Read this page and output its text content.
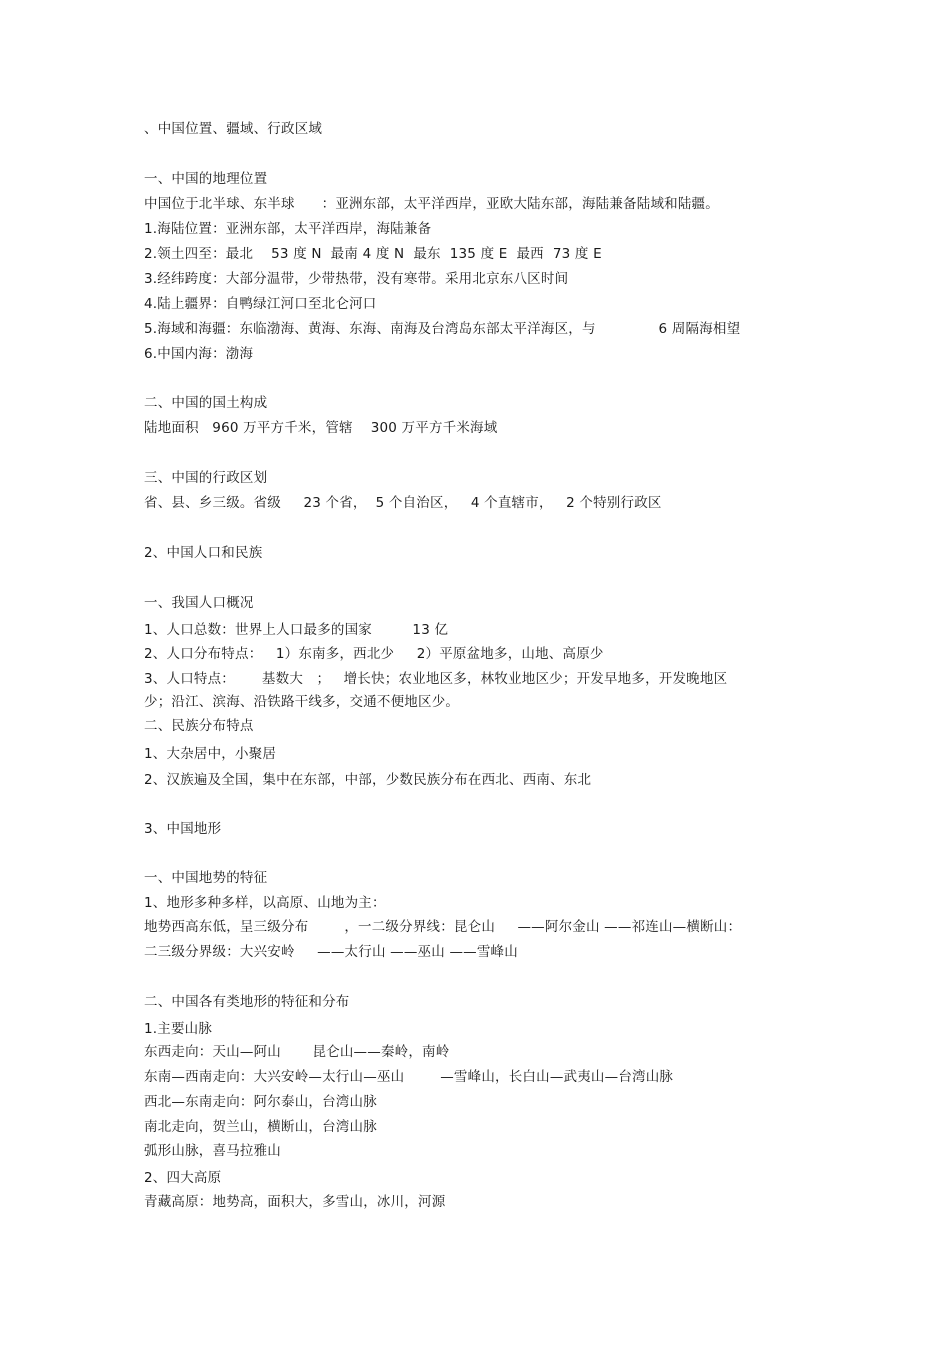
、中国位置、疆域、行政区域
一、中国的地理位置
中国位于北半球、东半球      ：亚洲东部，太平洋西岸，亚欧大陆东部，海陆兼备陆域和陆疆。
1.海陆位置：亚洲东部，太平洋西岸，海陆兼备
2.领土四至：最北    53 度 N  最南 4 度 N  最东  135 度 E  最西  73 度 E
3.经纬跨度：大部分温带，少带热带，没有寒带。采用北京东八区时间
4.陆上疆界：自鸭绿江河口至北仑河口
5.海域和海疆：东临渤海、黄海、东海、南海及台湾岛东部太平洋海区，与              6 周隔海相望
6.中国内海：渤海
二、中国的国土构成
陆地面积   960 万平方千米，管辖    300 万平方千米海域
三、中国的行政区划
省、县、乡三级。省级     23 个省，  5 个自治区，   4 个直辖市，   2 个特别行政区
2、中国人口和民族
一、我国人口概况
1、人口总数：世界上人口最多的国家         13 亿
2、人口分布特点：   1）东南多，西北少     2）平原盆地多，山地、高原少
3、人口特点：      基数大   ；   增长快；农业地区多，林牧业地区少；开发早地多，开发晚地区
少；沿江、滨海、沿铁路干线多，交通不便地区少。
二、民族分布特点
1、大杂居中，小聚居
2、汉族遍及全国，集中在东部，中部，少数民族分布在西北、西南、东北
3、中国地形
一、中国地势的特征
1、地形多种多样，以高原、山地为主：
地势西高东低，呈三级分布        ，一二级分界线：昆仑山     ——阿尔金山 ——祁连山—横断山：
二三级分界级：大兴安岭     ——太行山 ——巫山 ——雪峰山
二、中国各有类地形的特征和分布
1.主要山脉
东西走向：天山—阿山       昆仑山——秦岭，南岭
东南—西南走向：大兴安岭—太行山—巫山        —雪峰山，长白山—武夷山—台湾山脉
西北—东南走向：阿尔泰山，台湾山脉
南北走向，贺兰山，横断山，台湾山脉
弧形山脉，喜马拉雅山
2、四大高原
青藏高原：地势高，面积大，多雪山，冰川，河源
